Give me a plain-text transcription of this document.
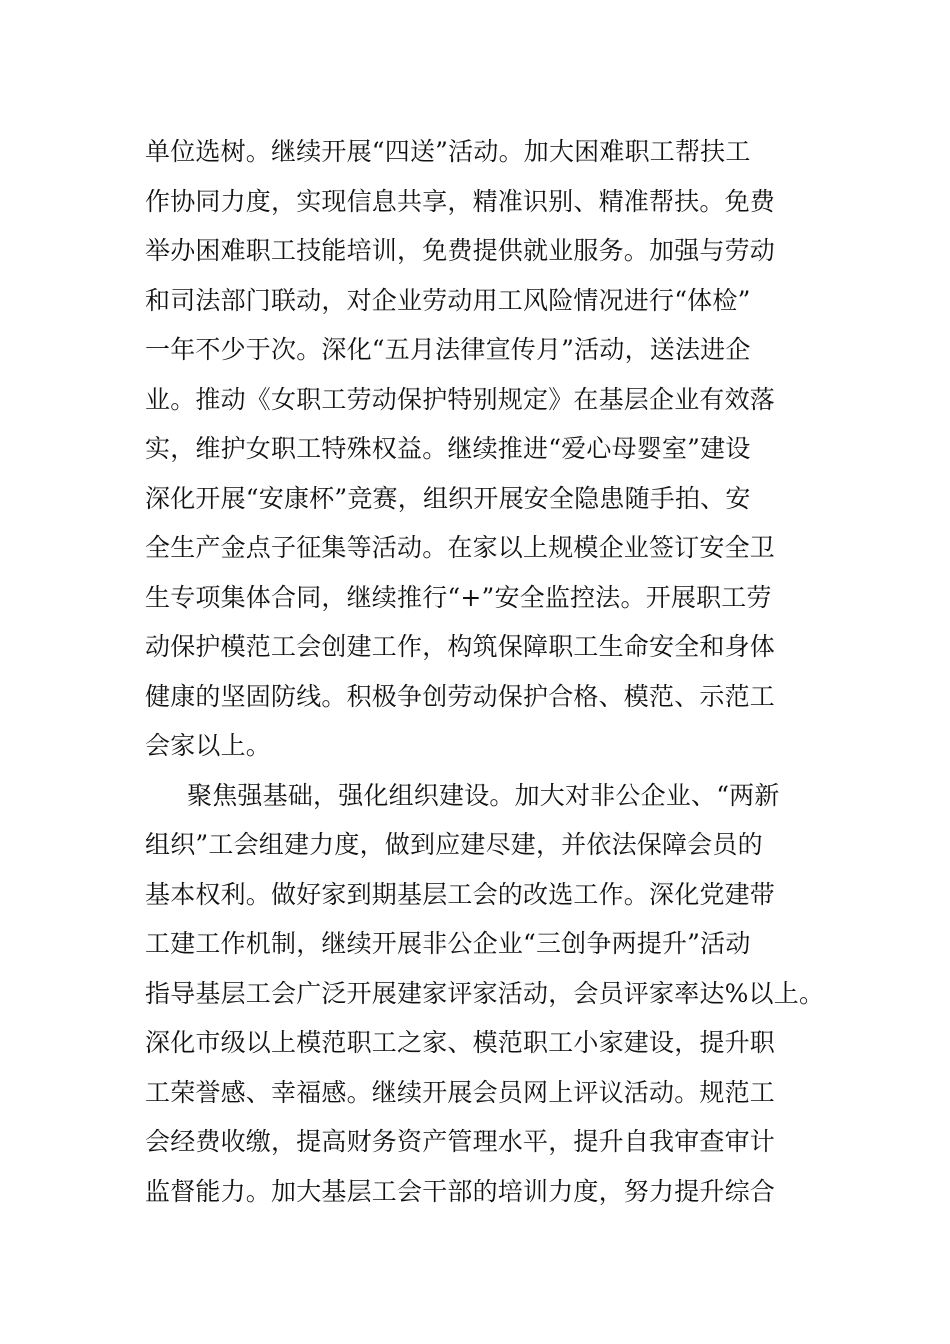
单位选树。继续开展“四送”活动。加大困难职工帮扶工
作协同力度，实现信息共享，精准识别、精准帮扶。免费
举办困难职工技能培训，免费提供就业服务。加强与劳动
和司法部门联动，对企业劳动用工风险情况进行“体检”
一年不少于次。深化“五月法律宣传月”活动，送法进企
业。推动《女职工劳动保护特别规定》在基层企业有效落
实，维护女职工特殊权益。继续推进“爱心母婴室”建设
深化开展“安康杯”竞赛，组织开展安全隐患随手拍、安
全生产金点子征集等活动。在家以上规模企业签订安全卫
生专项集体合同，继续推行“+”安全监控法。开展职工劳
动保护模范工会创建工作，构筑保障职工生命安全和身体
健康的坚固防线。积极争创劳动保护合格、模范、示范工
会家以上。
聚焦强基础，强化组织建设。加大对非公企业、“两新
组织”工会组建力度，做到应建尽建，并依法保障会员的
基本权利。做好家到期基层工会的改选工作。深化党建带
工建工作机制，继续开展非公企业“三创争两提升”活动
指导基层工会广泛开展建家评家活动，会员评家率达%以上。
深化市级以上模范职工之家、模范职工小家建设，提升职
工荣誉感、幸福感。继续开展会员网上评议活动。规范工
会经费收缴，提高财务资产管理水平，提升自我审查审计
监督能力。加大基层工会干部的培训力度，努力提升综合
